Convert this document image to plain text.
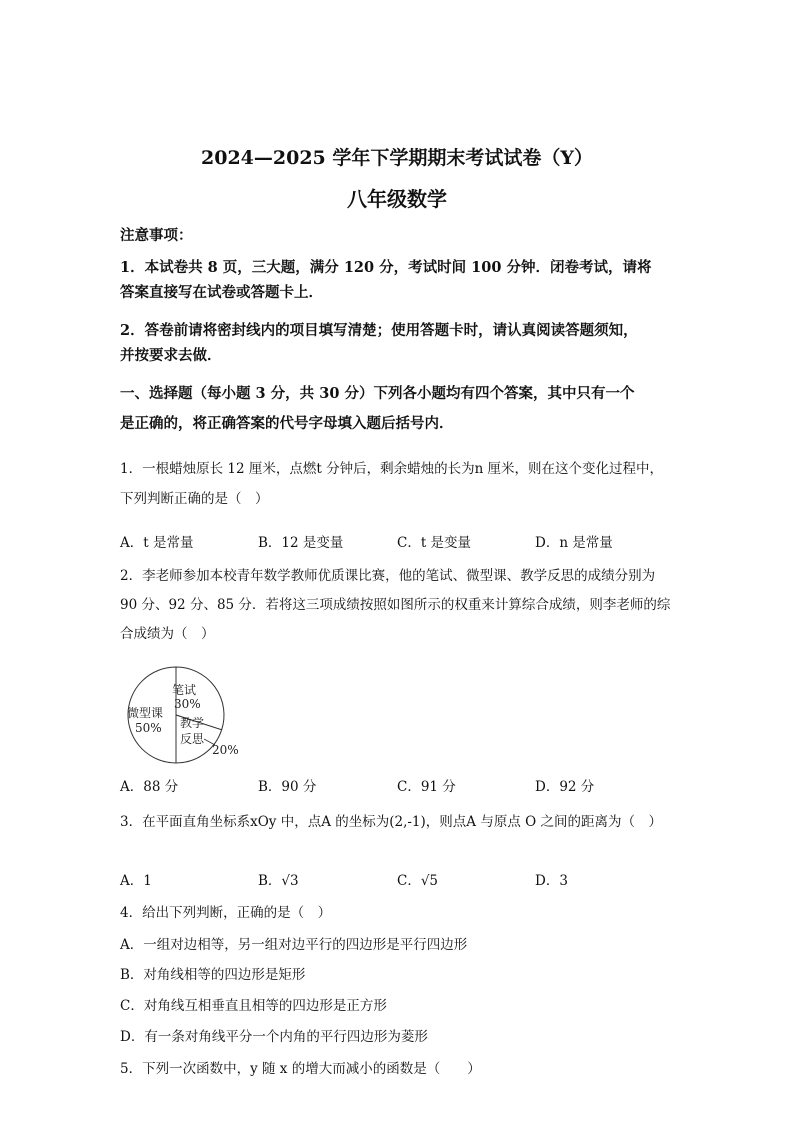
2024—2025 学年下学期期末考试试卷（Y）
八年级数学
注意事项：
1．本试卷共 8 页，三大题，满分 120 分，考试时间 100 分钟．闭卷考试，请将
答案直接写在试卷或答题卡上．
2．答卷前请将密封线内的项目填写清楚；使用答题卡时，请认真阅读答题须知，
并按要求去做．
一、选择题（每小题 3 分，共 30 分）下列各小题均有四个答案，其中只有一个
是正确的，将正确答案的代号字母填入题后括号内．
1．一根蜡烛原长 12 厘米，点燃t 分钟后，剩余蜡烛的长为n 厘米，则在这个变化过程中，
下列判断正确的是（　）
A．t 是常量	B．12 是变量	C．t 是变量	D．n 是常量
2．李老师参加本校青年数学教师优质课比赛，他的笔试、微型课、教学反思的成绩分别为
90 分、92 分、85 分．若将这三项成绩按照如图所示的权重来计算综合成绩，则李老师的综
合成绩为（　）
笔试
30%
微型课
50% 教学
反思
20%
A．88 分	B．90 分	C．91 分	D．92 分
3．在平面直角坐标系xOy 中，点A 的坐标为(2,-1)，则点A 与原点 O 之间的距离为（　）
A．1	B．√3	C．√5	D．3
4．给出下列判断，正确的是（　）
A．一组对边相等，另一组对边平行的四边形是平行四边形
B．对角线相等的四边形是矩形
C．对角线互相垂直且相等的四边形是正方形
D．有一条对角线平分一个内角的平行四边形为菱形
5．下列一次函数中，y 随 x 的增大而减小的函数是（　　）
